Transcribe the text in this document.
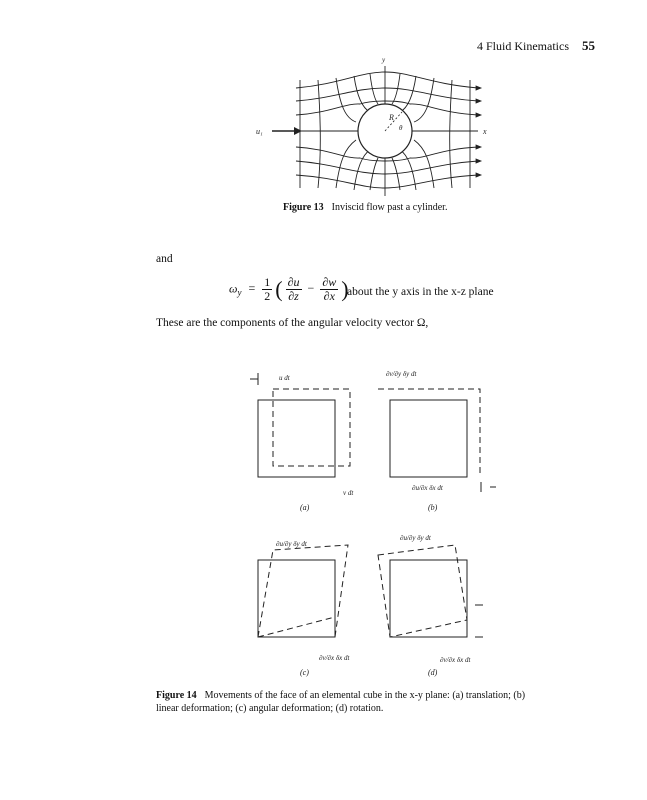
4 Fluid Kinematics 55
y
x
u₁
R
θ
Figure 13 Inviscid flow past a cylinder.
and
$\omega_y = \frac{1}{2}$ ( $\frac{\partial u}{\partial z} - \frac{\partial w}{\partial x}$ )
about the y axis in the x-z plane
These are the components of the angular velocity vector Ω,
u dt
v dt
∂v/∂y δy dt
∂u/∂x δx dt
∂u/∂y δy dt
∂v/∂x δx dt
∂u/∂y δy dt
∂v/∂x δx dt
(a)	(b)
(c)	(d)
Figure 14 Movements of the face of an elemental cube in the x-y plane: (a) translation; (b) linear deformation; (c) angular deformation; (d) rotation.
